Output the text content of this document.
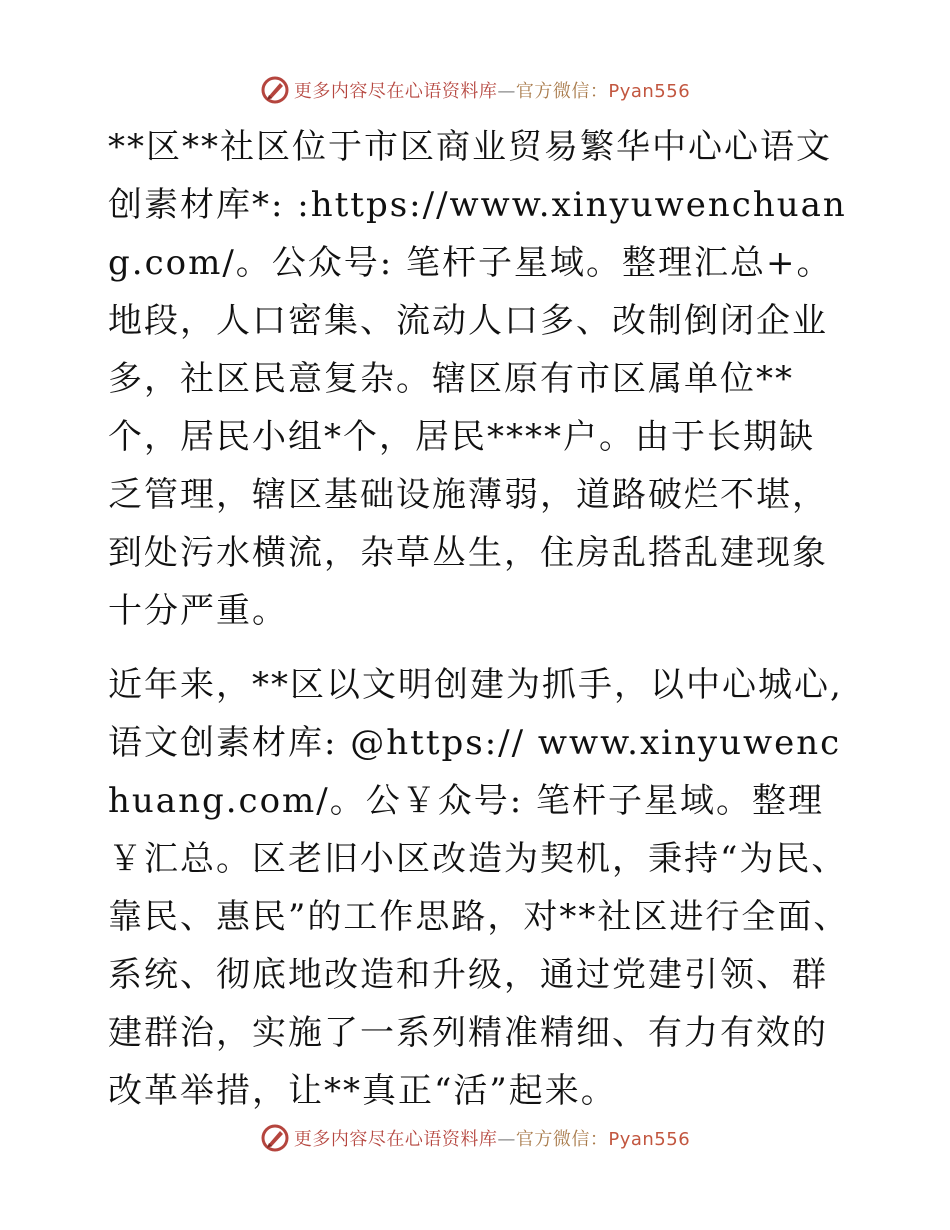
更多内容尽在心语资料库—官方微信：Pyan556

**区**社区位于市区商业贸易繁华中心心语文创素材库*: :https://www.xinyuwenchuang.com/。公众号: 笔杆子星域。整理汇总+。地段，人口密集、流动人口多、改制倒闭企业多，社区民意复杂。辖区原有市区属单位**个，居民小组*个，居民****户。由于长期缺乏管理，辖区基础设施薄弱，道路破烂不堪，到处污水横流，杂草丛生，住房乱搭乱建现象十分严重。

近年来，**区以文明创建为抓手，以中心城心,语文创素材库: @https:// www.xinyuwenchuang.com/。公￥众号: 笔杆子星域。整理￥汇总。区老旧小区改造为契机，秉持“为民、靠民、惠民”的工作思路，对**社区进行全面、系统、彻底地改造和升级，通过党建引领、群建群治，实施了一系列精准精细、有力有效的改革举措，让**真正“活”起来。

更多内容尽在心语资料库—官方微信：Pyan556
